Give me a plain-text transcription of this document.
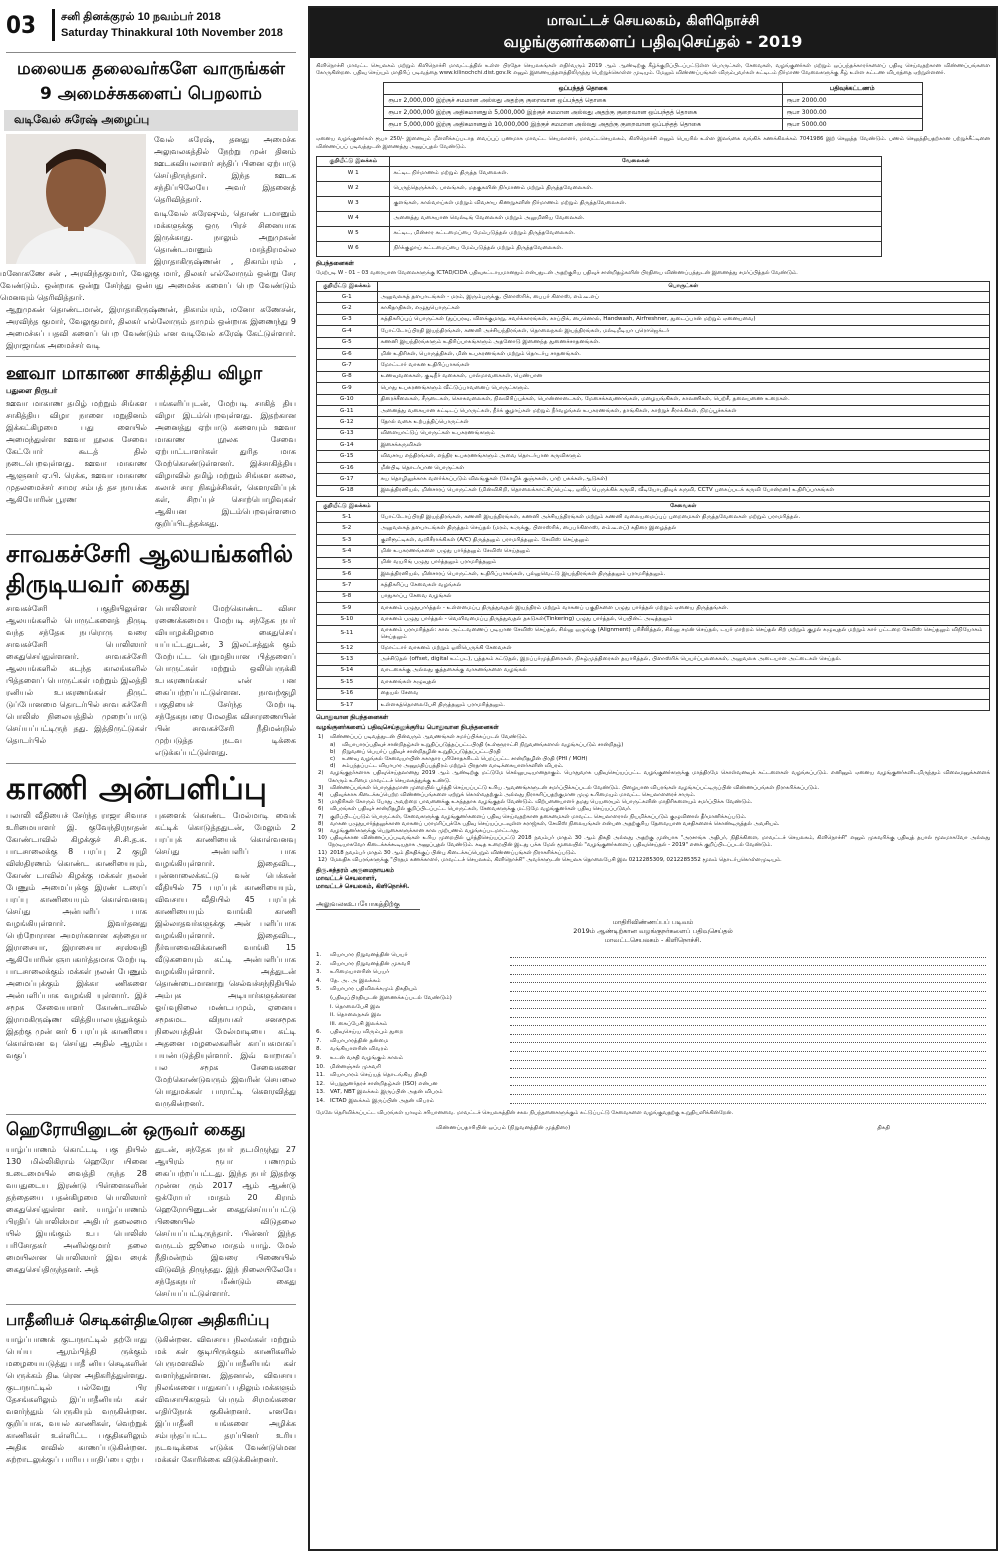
03	சனி தினக்குரல் 10 நவம்பர் 2018
Saturday Thinakkural 10th November 2018
மலையக தலைவர்களே வாருங்கள் 9 அமைச்சுகளைப் பெறலாம்
வடிவேல் சுரேஷ் அழைப்பு
வேல் சுரேஷ், தனது அமைச்சு அலுவலகத்தில் நேற்று முன் தினம் ஊடகவியலாளர் சந்திப் பினை ஏற்பாடு செய்திருந்தார். இந்த ஊடக சந்திப்பிலேயே அவர் இதனைத் தெரிவித்தார்.
வடிவேல் சுரேஷும், தொண் டமானும் மக்களுக்கு ஒரு பிரச் சினையாக இருக்காது. நாலும் அறுமுகன் தொண்டமானும் மாத்திரமல்ல இராதாகிருஷ்ணன் , திகாம்பரம் , மனோகணே சன் , அரவிந்தகுமார், வேலுகு மார், திலகர் எல்லோரும் ஒன்று சேர வேண்டும். ஒன்றாக ஒன்று சேர்ந்து ஒன்பது அமைச்சு களைப் பெற வேண்டும் மெனவும் தெரிவித்தார்.
ஆறுமுகன் தொண்டமான், இராதாகிருஷ்ணன், திகாம்பரம், மனோ கணேசன், அரவிந்த குமார், வேலுகுமார், திலகர் எல்லோரும் தாமும் ஒன்றாக இணைந்து 9 அமைச்சுப் பதவி களைப் பெற வேண்டும் என வடிவேல் சுரேஷ் கேட்டுள்ளார். இராஜாங்க அமைச்சர் வடி
ஊவா மாகாண சாகித்திய விழா
பதுளை நிருபர்
ஊவா மாகாண தமிழ் மற்றும் சிங்கள சாகித்திய விழா நாளை மறுதினம் இக்கட்கிழமை பது ளையில் அமைந்துள்ள ஊவா நூலக சேவை கேட்போர் கூடத் தில் நடைபெறவுள்ளது. ஊவா மாகாண ஆளுனர் ஏ.பி. ரெக்க, ஊவா மாகாண முதலமைச்சர் சாமர சம்பத் தச நாயக்க ஆகியோரின் பூரண
பங்களிப்புடன், மேற்படி சாகித் திய விழா இடம்பெறவுள்ளது. இதற்கான அனைத்து ஏற்பாடு களையும் ஊவா மாகாண நூலக சேவை ஏற்பாட்டாளர்கள் துரித மாக மேற்கொண்டுள்ளனர். இச்சாகித்திய விழாவில் தமிழ் மற்றும் சிங்கள கலை, கலாச் சார நிகழ்ச்சிகள், கௌரவிப்புக் கள், சிறப்புச் சொற்பொழிவுகள் ஆகியன இடம்பெறவுள்ளமை குறிப்பிடத்தக்கது.
சாவகச்சேரி ஆலயங்களில் திருடியவர் கைது
சாவகச்சேரி பகுதியிலுள்ள ஆலயங்களில் பொருட்களைத் திருடி வந்த சந்தேக நபரொரு வரை சாவகச்சேரி பொலிஸார் கைதுசெய்துள்ளனர். சாவகச்சேரி ஆலயங்களில் கடந்த காலங்களில் பித்தளைப் பொருட்கள் மற்றும் இலத்தி ரனியல் உபகரணங்கள் திருட் டுப்போனமை தொடர்பில் சாவ கச்சேரி பொலிஸ் நிலையத்தில் முறைப்பாடு செய்யப்பட்டிருந் தது. இத்திருட்டுகள் தொடர்பில்
பொலிஸார் மேற்கொண்ட விசா ரணைக்கமைய மேற்படி சந்தேக நபர் வியாழக்கிழமை கைதுசெய் யப்பட்டதுடன், 3 இலட்சத்துக் கும் மேற்பட்ட பெறுமதியான பித்தளைப் பொருட்கள் மற்றும் ஒலிபெருக்கி உபகரணங்கள் என் பன கைப்பற்றப்பட்டுள்ளன. நாவற்குழி பகுதியைச் சேர்ந்த மேற்படி சந்தேகநபரை மேலதிக விசாரணையின் பின் சாவகச்சேரி நீதிமன்றில் முற்படுத்த நடவ டிக்கை எடுக்கப்பட்டுள்ளது.
காணி அன்பளிப்பு
பலாலி வீதியைச் சேர்ந்த ராஜா சிவாச உரிமையாளர் இ. குவேந்திரநாதன் கோண்டாவில் கிழக்குச் சி.சி.த.க. பாடசாலைக்கு 8 பரப்பு 2 குழி விஸ்திரணம் கொண்ட காணியையும், கோண் டாவில் கிழக்கு மக்கள் நலன் பேணும் அமைப்புக்கு இரண் டரைப் பரப்பு காணியையும் கொள்வனவு செய்து அன்பளிப் பாக வழங்கியுள்ளார். இவர்தனது பெற்றோரான அமரர்களான கந்தையா இராசையா, இராசையா சரஸ்வதி ஆகியோரின் ஞாபகார்த்தமாக மேற்படி பாடசாலைக்கும் மக்கள் நலன் பேணும் அமைப்புக்கும் இக்கா ணிகளை அன்பளிப்பாக வழங்கி யுள்ளார். இச் சமூக சேவையாளர் கோண்டாவில் இராமகிருஷ்ண வித்தியாலயத்துக்கும் இதற்கு முன் னர் 6 பரப்புக் காணியை கொள்வன வு செய்து அதில் ஆரம்ப வகுப்
புகளைக் கொண்ட மேல்மாடி வைக் கட்டிக் கொடுத்ததுடன், மேலும் 2 பரப்புக் காணியைக் கொள்வனவு செய்து அன்பளிப் பாக வழங்கியுள்ளார். இதைவிட, புன்னாலைக்கட்டு வன் பெக்கன் வீதியில் 75 பரப்புக் காணியையும், விவசாய வீதியில் 45 பரப்புக் காணியையும் வாங்கி காணி இல்லாதவர்களுக்கு அன் பளிப்பாக வழங்கியுள்ளார். இதைவிட, நீர்வாவைவிக்காணி வாங்கி 15 வீடுகளையும் கட்டி அன்பளிப்பாக வழங்கியுள்ளார். அத்துடன் தொண்டைமானாறு செல்வச்சந்நிதியில் அம்புக அடியார்களுக்கான ஓய்வுநிலை மண்டபமும், ஏனைய சமூகமட விநாயகர் சனசமூக நிலையத்தின் மேல்மாடியை கட்டி அதனை மழலைகளின் காப்பகமாகப் பயன்படுத்தியுள்ளார். இவ் வாறாகப் பல சமூக சேவைகளை மேற்கொண்டுவரும் இவரின் செயலை பொதுமக்கள் பாராட்டி கௌரவித்து வருகின்றனர்.
ஹெரோயினுடன் ஒருவர் கைது
யாழ்ப்பாணம் கொட்டடி பகு தியில் 130 மில்லிகிராம் ஹெரோ யினை உடைமையில் வைத்தி ருந்த 28 வயதுடைய இரண்டு பிள்ளைகளின் தந்தையை பதன்கிழமை பொலிஸார் கைதுசெய்துள்ள னர். யாழ்ப்பாணம் பிரதிப் பொலிஸ்மா அதிபர் தலைமை யில் இயங்கும் உப பொலிஸ் பரிசோதகர் அனில்குமார் தலை மையிலான பொலிஸார் இவ ரைக் கைதுசெய்திருந்தனர். அத்
துடன், சந்தேக நபர் நடமிருந்து 27 ஆயிரம் ரூபா பணமும் கைப்பற்றப்பட்டது. இந்த நபர் இதற்கு முன்ன ரும் 2017 ஆம் ஆண்டு ஒக்ரோபர் மாதம் 20 கிராம் ஹெரோயினுடன் கைதுசெய்யப்பட்டு பிணையில் விடுதலை செய்யப்பட்டிருந்தார். பின்னர் இந்த வருடம் ஜூலை மாதம் யாழ். மேல் நீதிமன்றம் இவரை பிணையில் விடுவித் திருந்தது. இந் நிலையிலேயே சந்தேகநபர் மீண்டும் கைது செய்யப்பட்டுள்ளார்.
பாதீனியச் செடிகள்திடீரென அதிகரிப்பு
யாழ்ப்பாணக் குடாநாட்டில் தற்போது பெய்ய ஆரம்பித்தி ருக்கும் மழையையடுத்து பாதீ னிய செடிகளின் பெருக்கம் திடீ ரென அதிகரித்துள்ளது. குடாநாட்டில் பல்வேறு பிர தேசங்களிலும் இப்பாதீனியங் கள் வளர்ந்தும் பெருகியும் வருகின்றன. குறிப்பாக, வயல் காணிகள், வெற்றுக் காணிகள் உள்ளிட்ட பகுதிகளிலும் அதிக ளவில் காணப்படுகின்றன. சுற்றாடலுக்குப் பாரிய பாதிப்பை ஏற்ப
டுகின்றன. விவசாய நிலங்கள் மற்றும் மக் கள் குடியிருக்கும் காணிகளில் பெருமளவில் இப்பாதீனியங் கள் வளர்ந்துள்ளன. இதனால், விவசாய நிலங்களை பாதுகாப் பதிலும் மக்களும் விவசாயிகளும் பெரும் சிரமங்களை எதிர்நோக் குகின்றனர். எனவே இப்பாதீனி யங்களை அழிக்க சம்பந்தப்பட்ட தரப்பினர் உரிய நடவடிக்கை எடுக்க வேண்டுமென மக்கள் கோரிக்கை விடுக்கின்றனர்.
மாவட்டச் செயலகம், கிளிநொச்சி
வழங்குனர்களைப் பதிவுசெய்தல் - 2019
கிளிநொச்சி மாவட்ட செயலகம் மற்றும் கிளிநொச்சி மாவட்டத்தில் உள்ள பிரதேச செயலகங்கள் எதிர்வரும் 2019 ஆம் ஆண்டிற்கு கீழ்க்குறிப்பிடப்பட்டுள்ள பொருட்கள், சேவைகள், வழங்குனர்கள் மற்றும் ஒப்பந்தக்காரர்களைப் பதிவு செய்வதற்கான விண்ணப்பங்களை கோருகின்றன. பதிவு செய்யும் மாதிரிப் படிவத்தை www.kilinochchi.dist.gov.lk எனும் இணையத்தளத்திலிருந்து பெற்றுக்கொள்ள முடியும். மேலும் விண்ணப்பங்கள் விரும்புவர்கள் கட்டிடம் நிர்மாண வேலைகளுக்கு கீழ் உள்ள கட்டண விபரத்தை ஏற்றுள்ளனர்.
ஒப்பந்தத் தொகை	பதிவுக்கட்டணம்
ரூபா 2,000,000 இற்குச் சமமான அல்லது அதற்கு குறைவான ஒப்பந்தத் தொகை	ரூபா 2000.00
ரூபா 2,000,000 இற்கு அதிகமானதும் 5,000,000 இற்குச் சமமான அல்லது அதற்கு குறைவான ஒப்பந்தத் தொகை	ரூபா 3000.00
ரூபா 5,000,000 இற்கு அதிகமானதும் 10,000,000 இற்குச் சமமான அல்லது அதற்கு குறைவான ஒப்பந்தத் தொகை	ரூபா 5000.00
ஏனைய வழங்குனர்கள் ரூபா 250/- இனையும் மீளளிக்கப்படாத வைப்புப் பணமாக மாவட்ட செயலாளர், மாவட்டசெயலகம், கிளிநொச்சி எனும் பெயரில் உள்ள இலங்கை வங்கிக் கணக்கிலக்கம் 7041986 இற் செலுத்த வேண்டும். பணம் செலுத்தியதற்கான பற்றுச்சீட்டினை விண்ணப்பப் படிவத்துடன் இணைத்து அனுப்புதல் வேண்டும்.
குறியீட்டு இலக்கம்	வேலைகள்
W 1	கட்டிட நிர்மாணம் மற்றும் திருத்த வேலைகள்.
W 2	பெருந்தெருக்கள், பாலங்கள், மதகுகளின் நிர்மாணம் மற்றும் திருத்தவேலைகள்.
W 3	குளங்கள், கால்வாய்கள் மற்றும் விவசாய கிணறுகளின் நிர்மாணம் மற்றும் திருத்தவேலைகள்.
W 4	அனைத்து வகையான வெல்டிங் வேலைகள் மற்றும் அலுமினிய வேலைகள்.
W 5	கட்டிட, மின்சார கட்டமைப்பை மேம்படுத்தல் மற்றும் திருத்தவேலைகள்.
W 6	நிர்க்குழாய் கட்டமைப்பை மேம்படுத்தல் மற்றும் திருத்தவேலைகள்.
நிபந்தனைகள்
மேற்படி W - 01 – 03 வரையான வேலைகளுக்கு ICTAD/CIDA பதிவுகட்டாயமானதும் என்பதுடன் அதற்குரிய பதிவுச் சான்றிதழ்களின் பிரதியை விண்ணப்பத்துடன் இணைத்து சமர்ப்பித்தல் வேண்டும்.
குறியீட்டு இலக்கம்	பொருட்கள்
G-1	அலுவலகத் தளபாடங்கள் - மரம், இரும்புருக்கு, பிளாஸ்ரிக், பைபர் கிளாஸ், எம்.டீ.எப்
G-2	காகிதாதிகள், எழுதுபொருட்கள்
G-3	சுத்திகரிப்புப் பொருட்கள் (துப்பரவு, விளக்குமாறு, சவர்க்காரங்கள், காப்பிக், பைனொல், Handwash, Airfreshner, துடைப்பான் மற்றும் ஏனையவை)
G-4	போட்டோப்பிரதி இயந்திரங்கள், கணனி அச்சியந்திரங்கள், தொலைநகல் இயந்திரங்கள், மல்டிமீடியா புரொஜெக்டர்
G-5	கணனி இயந்திரங்களும் உதிரிப்பாகங்களும் அதனோடு இணைந்த துணைச்சாதனங்கள்.
G-6	மின் உதிரிகள், பொருத்திகள், மின் உபகரணங்கள் மற்றும் தொடர்பு சாதனங்கள்.
G-7	மோட்டார் வாகன உதிரிப்பாகங்கள்
G-8	உணவுவகைகள், குடிநீர் வகைகள், பால்மாவகைகள், பெண்பான
G-9	பொது உபகரணங்களும் வீட்டுப்பாவனைப் பொருட்களும்.
G-10	திரைச்சீலைகள், சீருடைகள், கொசுவலைகள், நிலவிரிப்புக்கள், பொன்னாடைகள், மேசைக்கவணாங்கள், மழையங்கிகள், காலணிகள், பெற்சீ, தலையணை உறைகள்.
G-11	அனைத்து வகையான கட்டிடப் பொருட்கள், நீர்க் குழாய்கள் மற்றும் நீர்வழங்கல் உபகரணங்கள், தாங்கிகள், காற்றுச் சீராக்கிகள், நிறப்பூச்சுக்கள்
G-12	தோல் வகை உற்பத்திப்பொருட்கள்
G-13	விளையாட்டுப் பொருட்கள் உபகரணங்களும்
G-14	இசைக்கருவிகள்
G-15	விவசாய எந்திரங்கள், எந்திர உபகரணங்களும் அவை தொடர்பான கருவிகளும்
G-16	மீன்பிடி தொடர்பான பொருட்கள்
G-17	சுய தொழிலுக்காக வளர்க்கப்படும் விலங்குகள் (கோழிக் குஞ்சுகள், பாற் பசுக்கள்,ஆடுகள்)
G-18	இலத்திரனியல், மின்சாரப் பொருட்கள் (மின்விசிறி, தொலைக்காட்சிப்பெட்டி, ஒலிப் பெருக்கிக் கருவி, வீடியோபதிவுக் கருவி, CCTV புகைப்படக் கருவி போன்றன) உதிரிப்பாகங்கள்
குறியீட்டு இலக்கம்	சேவைகள்
S-1	போட்டோப்பிரதி இயந்திரங்கள், கணனி இயந்திரங்கள், கணனி அச்சியந்திரங்கள் மற்றும் கணனி வலையமைப்புப் புறைமைகள் திருத்தவேலைகள் மற்றும் பராமரித்தல்.
S-2	அலுவலகத் தளபாடங்கள் திருத்தம் செய்தல் (மரம், உருக்கு, பிளாஸ்ரிக், பைபர்கிளாஸ், எம்.டீ.எப்) கதிரை இழைத்தல்
S-3	குளிரூட்டிகள், வளிசீராக்கிகள் (A/C) திருத்தலும் பராமரித்தலும். சேவிஸ் செய்தலும்
S-4	மின் உபகரணங்களை பழுது பார்த்தலும் சேவிஸ் செய்தலும்
S-5	மின் வயரிங் பழுது பார்த்தலும் பராமரித்தலும்
S-6	இலத்திரனியல், மின்சாரப் பொருட்கள், உதிரிப்பாகங்கள், புல்லுவெட்டு இயந்திரங்கள் திருத்தலும் பராமரித்தலும்.
S-7	சுத்திகரிப்பு சேவைகள் வழங்கல்
S-8	பாதுகாப்பு சேவை வழங்கல்
S-9	வாகனம் பழுதுபார்த்தல் - உள்ளமைப்பு திருத்துவதல் இயந்திரம் மற்றும் வாகனப் பகுதிகளை பழுது பார்த்தல் மற்றும் ஏனைய திருத்தங்கள்.
S-10	வாகனம் பழுது பார்த்தல் - வெளிவமைப்பு திருத்துவதல் தகடுகள்(Tinkering) பழுது பார்த்தல், பெயின்ட் அடித்தலும்
S-11	வாகனம் பராமரித்தல்: கால அட்டவணைப் படியான சேவிஸ் செய்தல், சில்லு ஒழுங்கு (Alignment) பரிசீலித்தல், சில்லு சமன் செய்தல், டயர் மாற்றம் செய்தல் சிற் மற்றும் குழல் கழுவுதல் மற்றும் கார் பட்டறை சேவிஸ் செய்தலும் விநியோகம் செய்தலும்
S-12	மோட்டார் வாகனம் மற்றும் ஓலிபெருக்கி சேவைகள்
S-13	அச்சிடுதல் (offset, digital உட்பட), புத்தகம் கட்டுதல், இறப்பர்முத்திரைகள், நிகழ்முத்திரைகள் தயாரித்தல், பிளாஸ்ரிக் பெயர்ப்பலகைகள், அலுவலக அடையாள அட்டைகள் செய்தல்.
S-14	வாடகைக்கு அல்லது குத்தகைக்கு வாகனங்களை வழங்கல்
S-15	வாகனங்கள் கழுவுதல்
S-16	தையல் சேவை
S-17	உள்ளகத்தொலைபேசி திருத்தலும் பராமரித்தலும்.
பொதுவான நிபந்தனைகள்
வழங்குனர்களைப் பதிவுசெய்தலுக்குரிய பொதுவான நிபந்தனைகள்
1) விண்ணப்பப் படிவத்துடன் பின்வரும் ஆவணங்கள் சமர்ப்பிக்கப்படல் வேண்டும்.
a) வியாபாரப்பதிவுச் சான்றிதழ்கள் உறுதிப்படுத்தப்பட்டபிரதி (உள்ளூராட்சி நிறுவனங்களால் வழங்கப்படும் சான்றிதழ்)
b) நிறுவனப் பெயர்ப் பதிவுச் சான்றிதழின் உறுதிப்படுத்தப்பட்டபிரதி
c) உணவு வழங்கல் சேவையாயின் சுகாதார பரிசோதகரிடம் பெறப்பட்ட சான்றிதழின் பிரதி (PHI / MOH)
d) சம்பந்தப்பட்ட வியாபார அனுமதிப்பத்திரம் மற்றும் பிரதான வாடிக்கையாளர்களின் விபரம்.
2) வழங்குநர்களாக பதிவுசெய்தலானது 2019 ஆம் ஆண்டிற்கு மட்டுமே செல்லுபடியானதாகும். பொதுவாக பதிவுசெய்யப்பட்ட வழங்குனர்களுக்கு மாத்திரமே கொள்வனவுக் கட்டளைகள் வழங்கப்படும். எனினும் ஏனைய வழங்குனர்களிடமிருந்தும் விலைமனுக்களைக் கோரும் உரிமை மாவட்டச் செயலகத்துக்கு உண்டு.
3) விண்ணப்பங்கள் பொருத்தமான முறையில் பூர்த்தி செய்யப்பட்டு உரிய ஆவணங்களுடன் சமர்ப்பிக்கப்படல் வேண்டும். பிழையான விபரங்கள் வழங்கப்பட்டிருப்பின் விண்ணப்பங்கள் நிராகரிக்கப்படும்.
4) பதிவுக்காக கிடைக்கப்பெற்ற விண்ணப்பங்களை ஏற்றுக் கொள்வதற்கும் அல்லது நிராகரிப்பதற்குமான முழு உரிமையும் மாவட்ட செயலாளரைச் சாரும்.
5) மாதிரிகள் கோரும் போது அவற்றை பாவனைக்கு உகந்ததாக வழங்குதல் வேண்டும். விற்பனையாளர் தமது பெயரையும் பொருட்களின் மாதிரிகளையும் சமர்ப்பிக்க வேண்டும்.
6) விபரங்கள் பதிவுச் சான்றிதழில் குறிப்பிடப்பட்ட பொருட்கள், சேவைகளுக்கு மட்டுமே வழங்குனர்கள் பதிவு செய்யப்படுவர்.
7) குறிப்பிடப்படும் பொருட்கள், சேவைகளுக்கு வழங்குனர்களைப் பதிவு செய்வதற்கான தகைமைகள் மாவட்ட செயலாளரால் நியமிக்கப்படும் குழுவினால் தீர்மானிக்கப்படும்.
8) வாகன பழுதுபார்த்தலுக்கான வாகனப் பராமரிப்புக்கே பதிவு செய்யப்படவுள்ள கராஜ்கள், சேவிஸ் நிலையங்கள் என்பன அதற்குரிய தேவையான வசதிகளைக் கொண்டிருத்தல் அவசியம்.
9) வழங்குனர்களுக்கு பெறுகைகளுக்கான கால முற்பணம் வழங்கப்படமாட்டாது.
10) பதிவுக்கான விண்ணப்பப்படிவங்கள் உரிய முறையில் பூர்த்திசெய்யப்பட்டு 2018 நவம்பர் மாதம் 30 ஆம் திகதி அல்லது அதற்கு முன்பாக "அரசாங்க அதிபர், நிதிக்கிளை, மாவட்டச் செயலகம், கிளிநொச்சி" எனும் முகவரிக்கு பதிவுத் தபால் மூலமாகவோ அல்லது நேரடியாகவோ கிடைக்கக்கூடியதாக அனுப்புதல் வேண்டும். கடித உறையின் இடது பக்க மேல் மூலையில் "வழங்குனர்களைப் பதிவுசெய்தல் - 2019" எனக் குறிப்பிடப்படல் வேண்டும்.
11) 2018 நவம்பர் மாதம் 30 ஆம் திகதிக்குப் பின்பு கிடைக்கப்பெறும் விண்ணப்பங்கள் நிராகரிக்கப்படும்.
12) மேலதிக விபரங்களுக்கு "பிரதம கணக்காளர், மாவட்டச் செயலகம், கிளிநொச்சி" அவர்களுடன் செயலக தொலைபேசி இல 0212285309, 0212285352 மூலம் தொடர்புகொள்ளமுடியும்.
திரு.சுந்தரம் அருமைநாயகம்
மாவட்டச் செயலாளர்,
மாவட்டச் செயலகம், கிளிநொச்சி.
அலுவலகஉபயோகத்திற்கு
மாதிரிவிண்ணப்பப் படிவம்
2019ம் ஆண்டிற்கான வழங்குநர்களைப் பதிவுசெய்தல்
மாவட்டசெயலகம் - கிளிநொச்சி.
1.	வியாபார நிறுவனத்தின் பெயர்
2.	வியாபார நிறுவனத்தின் முகவரி
3.	உரிமையாளரின் பெயர்
4.	தே. அ. அ இலக்கம்
5.	வியாபார பதிவிலக்கமும் திகதியும்
(பதிவுப்பிரதியுடன் இணைக்கப்படல் வேண்டும்)
i. தொலைபேசி இல
ii. தொலைநகல் இல
iii. கைப்பேசி இலக்கம்
6.	பதிவுசெய்ய விரும்பும் துறை
7.	வியாபாரத்தின் தன்மை
8.	வங்கியாளரின் விவரம்
9.	உடன் வசதி வழங்கும் காலம்
10. மின்னஞ்சல் முகவரி
11. வியாபாரம் செய்யத் தொடங்கிய திகதி
12. பெறுநுனர்தரச் சான்றிதழ்கள் (ISO) என்பன
13. VAT, NBT இலக்கம் இருப்பின் அதன் விபரம்
14. ICTAD இலக்கம் இருப்பின் அதன் விபரம்
மேலே தெரிவிக்கப்பட்ட விபரங்கள் யாவும் சரியானவை. மாவட்டச் செயலகத்தின் சகல நிபந்தனைகளுக்கும் கட்டுப்பட்டு சேவைகளை வழங்குவதற்கு உறுதியளிக்கின்றேன்.
விண்ணப்பதாரியின் ஒப்பம் (நிறுவனத்தின் முத்திரை)	திகதி
